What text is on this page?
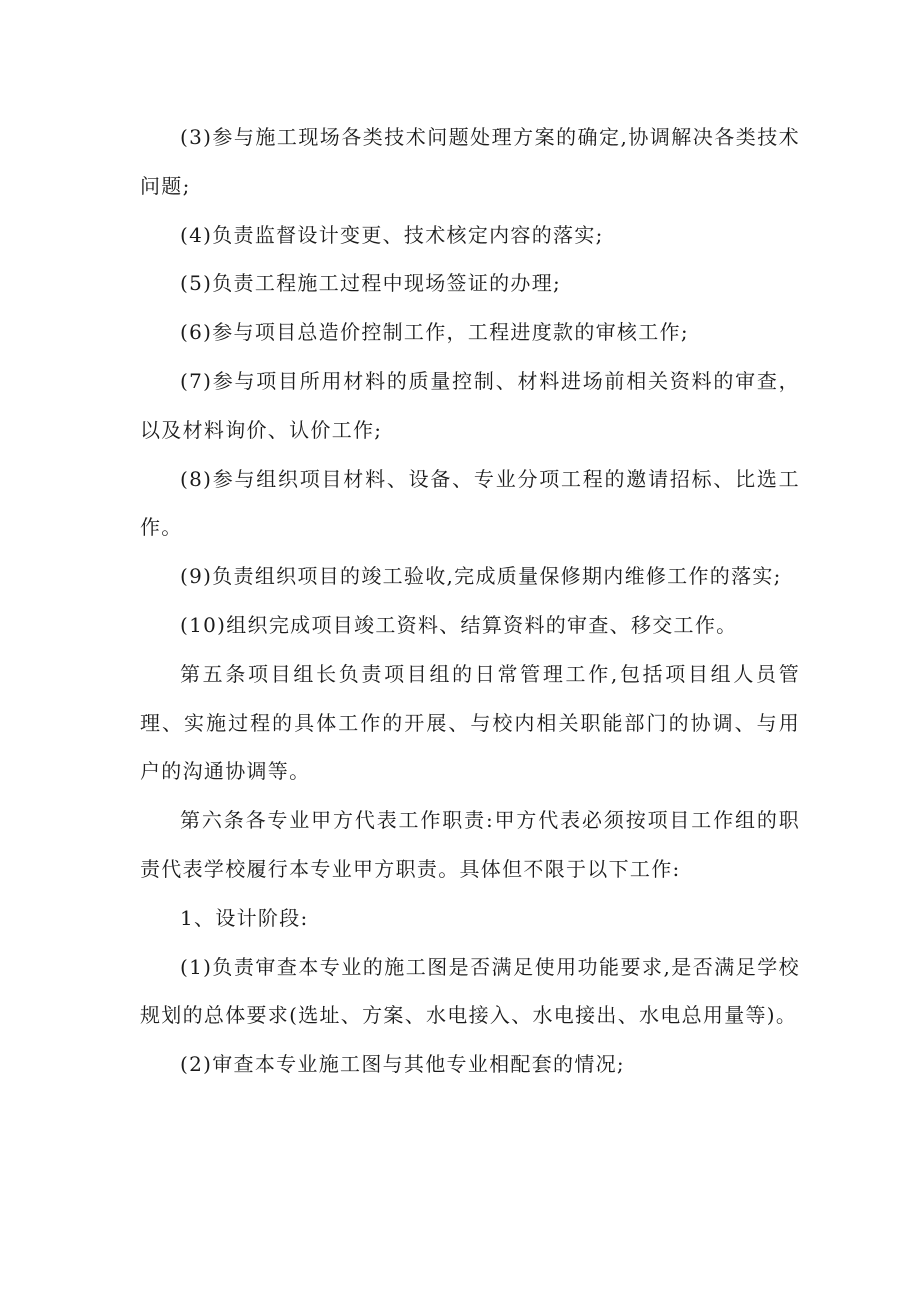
(3)参与施工现场各类技术问题处理方案的确定,协调解决各类技术问题;

(4)负责监督设计变更、技术核定内容的落实;

(5)负责工程施工过程中现场签证的办理;

(6)参与项目总造价控制工作，工程进度款的审核工作;

(7)参与项目所用材料的质量控制、材料进场前相关资料的审查，以及材料询价、认价工作;

(8)参与组织项目材料、设备、专业分项工程的邀请招标、比选工作。

(9)负责组织项目的竣工验收,完成质量保修期内维修工作的落实;

(10)组织完成项目竣工资料、结算资料的审查、移交工作。

第五条项目组长负责项目组的日常管理工作,包括项目组人员管理、实施过程的具体工作的开展、与校内相关职能部门的协调、与用户的沟通协调等。

第六条各专业甲方代表工作职责:甲方代表必须按项目工作组的职责代表学校履行本专业甲方职责。具体但不限于以下工作:

1、设计阶段:

(1)负责审查本专业的施工图是否满足使用功能要求,是否满足学校规划的总体要求(选址、方案、水电接入、水电接出、水电总用量等)。

(2)审查本专业施工图与其他专业相配套的情况;
